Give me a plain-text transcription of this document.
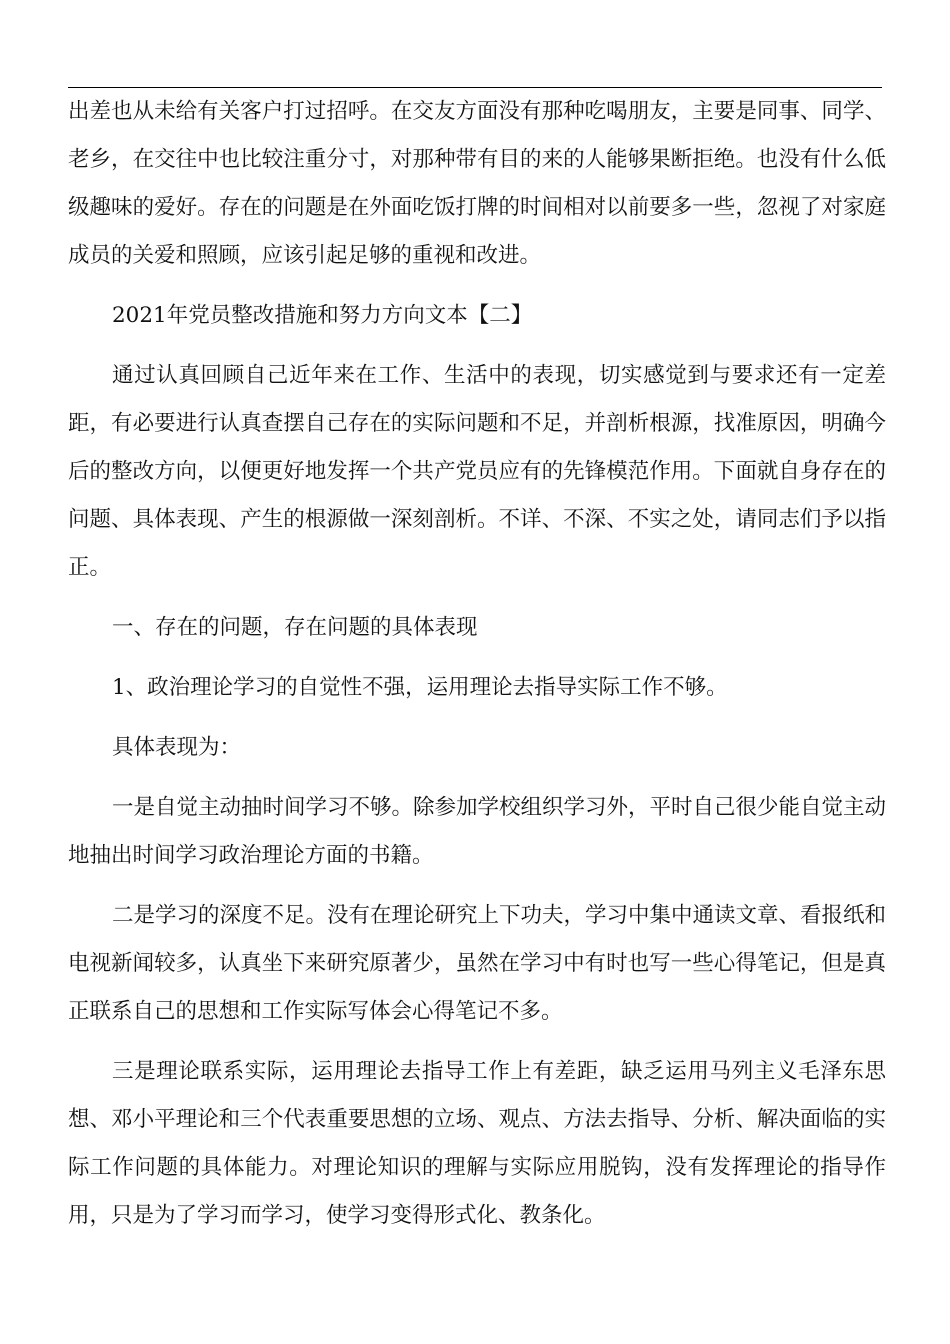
出差也从未给有关客户打过招呼。在交友方面没有那种吃喝朋友，主要是同事、同学、老乡，在交往中也比较注重分寸，对那种带有目的来的人能够果断拒绝。也没有什么低级趣味的爱好。存在的问题是在外面吃饭打牌的时间相对以前要多一些，忽视了对家庭成员的关爱和照顾，应该引起足够的重视和改进。

2021年党员整改措施和努力方向文本【二】

通过认真回顾自己近年来在工作、生活中的表现，切实感觉到与要求还有一定差距，有必要进行认真查摆自己存在的实际问题和不足，并剖析根源，找准原因，明确今后的整改方向，以便更好地发挥一个共产党员应有的先锋模范作用。下面就自身存在的问题、具体表现、产生的根源做一深刻剖析。不详、不深、不实之处，请同志们予以指正。

一、存在的问题，存在问题的具体表现

1、政治理论学习的自觉性不强，运用理论去指导实际工作不够。

具体表现为：

一是自觉主动抽时间学习不够。除参加学校组织学习外，平时自己很少能自觉主动地抽出时间学习政治理论方面的书籍。

二是学习的深度不足。没有在理论研究上下功夫，学习中集中通读文章、看报纸和电视新闻较多，认真坐下来研究原著少，虽然在学习中有时也写一些心得笔记，但是真正联系自己的思想和工作实际写体会心得笔记不多。

三是理论联系实际，运用理论去指导工作上有差距，缺乏运用马列主义毛泽东思想、邓小平理论和三个代表重要思想的立场、观点、方法去指导、分析、解决面临的实际工作问题的具体能力。对理论知识的理解与实际应用脱钩，没有发挥理论的指导作用，只是为了学习而学习，使学习变得形式化、教条化。
